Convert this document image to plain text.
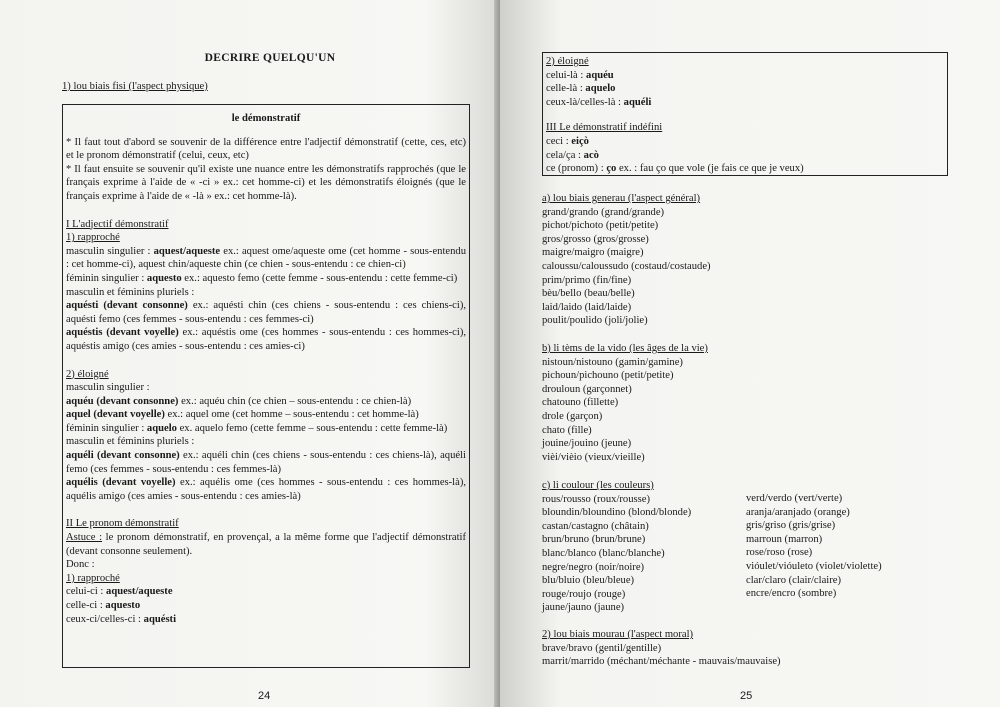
DECRIRE QUELQU'UN
1) lou biais fisi (l'aspect physique)
le démonstratif

* Il faut tout d'abord se souvenir de la différence entre l'adjectif démonstratif (cette, ces, etc) et le pronom démonstratif (celui, ceux, etc)

* Il faut ensuite se souvenir qu'il existe une nuance entre les démonstratifs rapprochés (que le français exprime à l'aide de « -ci » ex.: cet homme-ci) et les démonstratifs éloignés (que le français exprime à l'aide de « -là » ex.: cet homme-là).

I L'adjectif démonstratif

1) rapproché

masculin singulier : aquest/aqueste ex.: aquest ome/aqueste ome (cet homme - sous-entendu : cet homme-ci), aquest chin/aqueste chin (ce chien - sous-entendu : ce chien-ci)

féminin singulier : aquesto ex.: aquesto femo (cette femme - sous-entendu : cette femme-ci)

masculin et féminins pluriels :

aquésti (devant consonne) ex.: aquésti chin (ces chiens - sous-entendu : ces chiens-ci), aquésti femo (ces femmes - sous-entendu : ces femmes-ci)

aquéstis (devant voyelle) ex.: aquéstis ome (ces hommes - sous-entendu : ces hommes-ci), aquéstis amigo (ces amies - sous-entendu : ces amies-ci)

2) éloigné

masculin singulier :

aquéu (devant consonne) ex.: aquéu chin (ce chien – sous-entendu : ce chien-là)

aquel (devant voyelle) ex.: aquel ome (cet homme – sous-entendu : cet homme-là)

féminin singulier : aquelo ex. aquelo femo (cette femme – sous-entendu : cette femme-là)

masculin et féminins pluriels :

aquéli (devant consonne) ex.: aquéli chin (ces chiens - sous-entendu : ces chiens-là), aquéli femo (ces femmes - sous-entendu : ces femmes-là)

aquélis (devant voyelle) ex.: aquélis ome (ces hommes - sous-entendu : ces hommes-là), aquélis amigo (ces amies - sous-entendu : ces amies-là)

II Le pronom démonstratif

Astuce : le pronom démonstratif, en provençal, a la même forme que l'adjectif démonstratif (devant consonne seulement).

Donc :

1) rapproché

celui-ci : aquest/aqueste

celle-ci : aquesto

ceux-ci/celles-ci : aquésti

24	25

2) éloigné

celui-là : aquéu

celle-là : aquelo

ceux-là/celles-là : aquéli

III Le démonstratif indéfini

ceci : eiçò

cela/ça : acò

ce (pronom) : ço ex. : fau ço que vole (je fais ce que je veux)

a) lou biais generau (l'aspect général)

grand/grando (grand/grande)

pichot/pichoto (petit/petite)

gros/grosso (gros/grosse)

maigre/maigro (maigre)

caloussu/caloussudo (costaud/costaude)

prim/primo (fin/fine)

bèu/bello (beau/belle)

laid/laido (laid/laide)

poulit/poulido (joli/jolie)

b) li tèms de la vido (les âges de la vie)

nistoun/nistouno (gamin/gamine)

pichoun/pichouno (petit/petite)

drouloun (garçonnet)

chatouno (fillette)

drole (garçon)

chato (fille)

jouine/jouino (jeune)

vièi/vièio (vieux/vieille)

c) li coulour (les couleurs)

rous/rousso (roux/rousse)

bloundin/bloundino (blond/blonde)

castan/castagno (châtain)

brun/bruno (brun/brune)

blanc/blanco (blanc/blanche)

negre/negro (noir/noire)

blu/bluio (bleu/bleue)

rouge/roujo (rouge)

jaune/jauno (jaune)

verd/verdo (vert/verte)

aranja/aranjado (orange)

gris/griso (gris/grise)

marroun (marron)

rose/roso (rose)

vióulet/vióuleto (violet/violette)

clar/claro (clair/claire)

encre/encro (sombre)

2) lou biais mourau (l'aspect moral)

brave/bravo (gentil/gentille)

marrit/marrido (méchant/méchante - mauvais/mauvaise)
